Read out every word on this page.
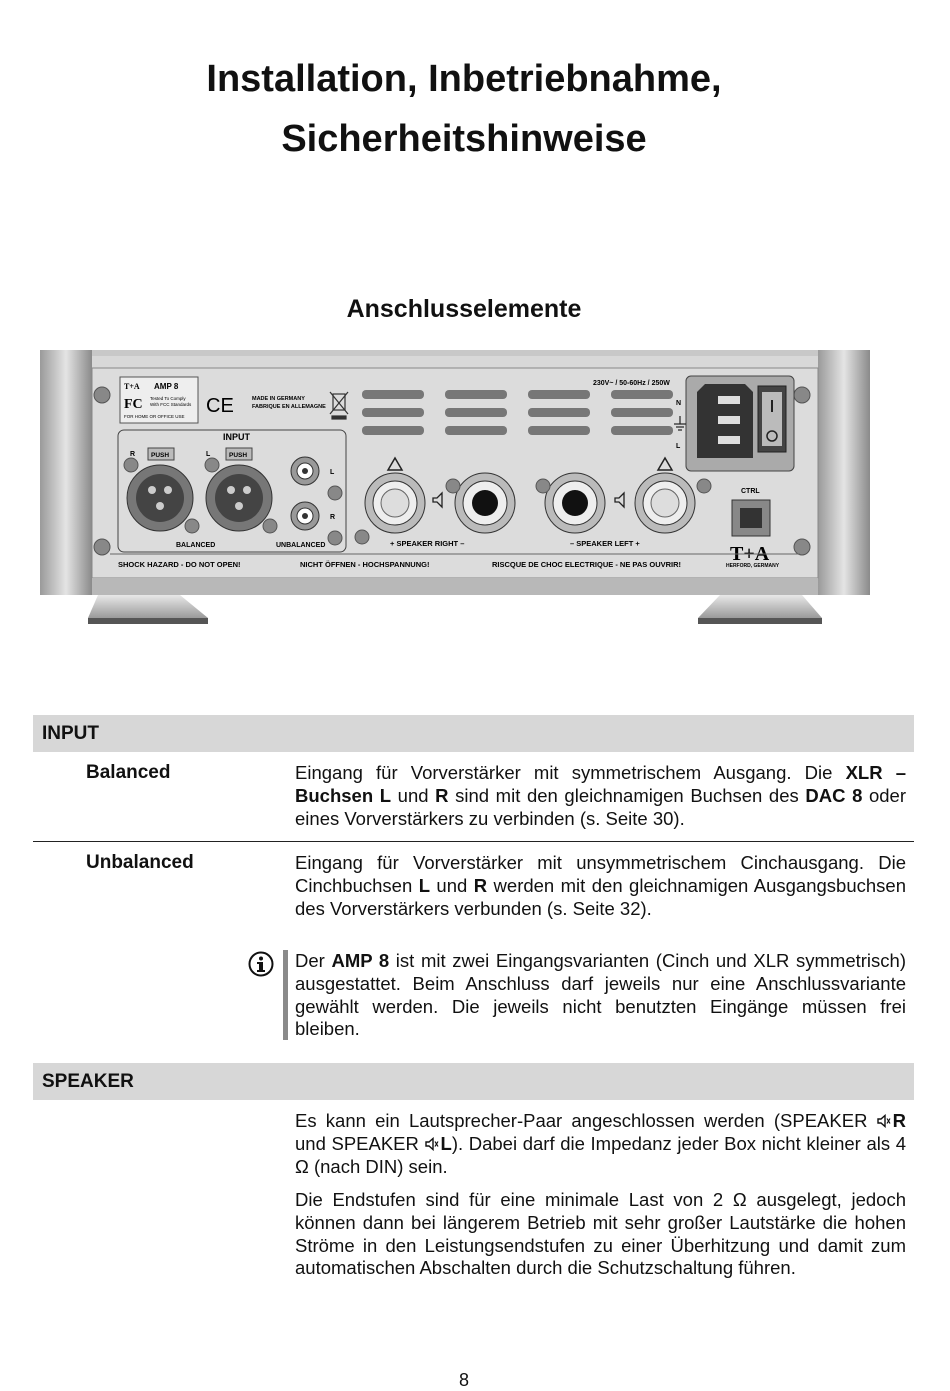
Installation, Inbetriebnahme,
Sicherheitshinweise
Anschlusselemente
T+A AMP 8
FC Tested To Comply
With FCC Standards
FOR HOME OR OFFICE USE CE	MADE IN GERMANY
FABRIQUE EN ALLEMAGNE
INPUT
R	L
PUSH	PUSH
L
R
BALANCED	UNBALANCED
230V~ / 50-60Hz / 250W
+ SPEAKER RIGHT –	– SPEAKER LEFT +
N
L
CTRL
T+A
HERFORD, GERMANY
SHOCK HAZARD - DO NOT OPEN!	NICHT ÖFFNEN - HOCHSPANNUNG!	RISCQUE DE CHOC ELECTRIQUE - NE PAS OUVRIR!
INPUT
Balanced	Eingang für Vorverstärker mit symmetrischem Ausgang. Die XLR – Buchsen L und R sind mit den gleichnamigen Buchsen des DAC 8 oder eines Vorverstärkers zu verbinden (s. Seite 30).
Unbalanced	Eingang für Vorverstärker mit unsymmetrischem Cinchausgang. Die Cinchbuchsen L und R werden mit den gleichnamigen Ausgangsbuchsen des Vorverstärkers verbunden (s. Seite 32).
Der AMP 8 ist mit zwei Eingangsvarianten (Cinch und XLR symmetrisch) ausgestattet. Beim Anschluss darf jeweils nur eine Anschlussvariante gewählt werden. Die jeweils nicht benutzten Eingänge müssen frei bleiben.
SPEAKER
Es kann ein Lautsprecher-Paar angeschlossen werden (SPEAKER R und SPEAKER L). Dabei darf die Impedanz jeder Box nicht kleiner als 4 Ω (nach DIN) sein.
Die Endstufen sind für eine minimale Last von 2 Ω ausgelegt, jedoch können dann bei längerem Betrieb mit sehr großer Lautstärke die hohen Ströme in den Leistungsendstufen zu einer Überhitzung und damit zum automatischen Abschalten durch die Schutzschaltung führen.
8
